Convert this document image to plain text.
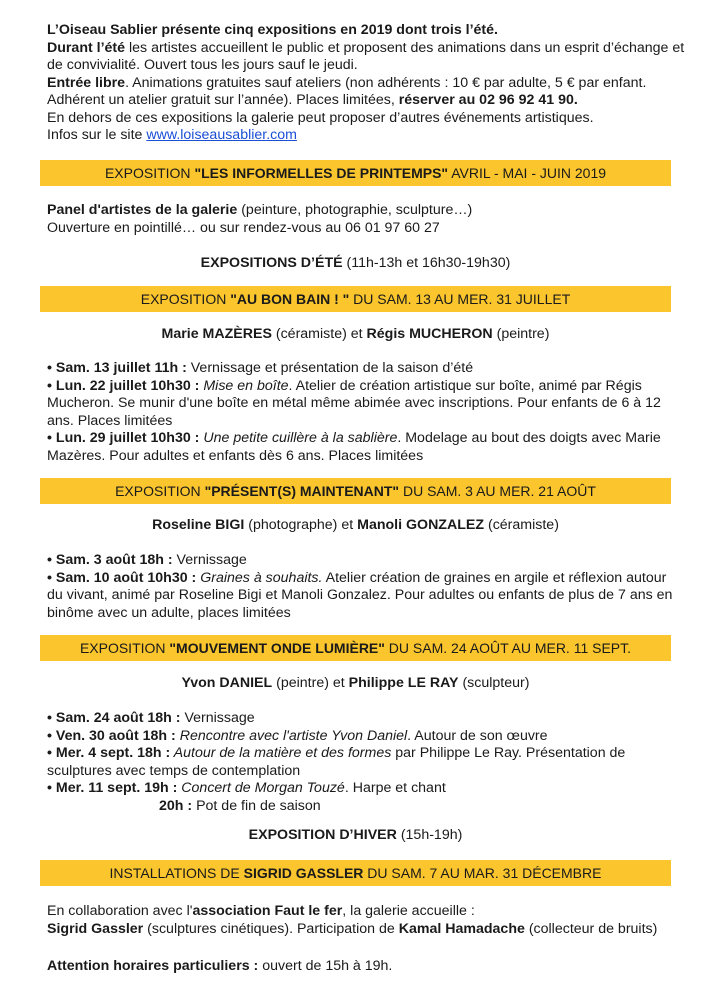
L’Oiseau Sablier présente cinq expositions en 2019 dont trois l’été.

Durant l’été les artistes accueillent le public et proposent des animations dans un esprit d’échange et de convivialité. Ouvert tous les jours sauf le jeudi.

Entrée libre. Animations gratuites sauf ateliers (non adhérents : 10 € par adulte, 5 € par enfant. Adhérent un atelier gratuit sur l’année). Places limitées, réserver au 02 96 92 41 90.

En dehors de ces expositions la galerie peut proposer d’autres événements artistiques.

Infos sur le site www.loiseausablier.com

EXPOSITION "LES INFORMELLES DE PRINTEMPS" AVRIL - MAI - JUIN 2019
Panel d'artistes de la galerie (peinture, photographie, sculpture…)
Ouverture en pointillé… ou sur rendez-vous au 06 01 97 60 27
EXPOSITIONS D’ÉTÉ (11h-13h et 16h30-19h30)
EXPOSITION "AU BON BAIN ! " DU SAM. 13 AU MER. 31 JUILLET
Marie MAZÈRES (céramiste) et Régis MUCHERON (peintre)
• Sam. 13 juillet 11h : Vernissage et présentation de la saison d’été
• Lun. 22 juillet 10h30 : Mise en boîte. Atelier de création artistique sur boîte, animé par Régis Mucheron. Se munir d'une boîte en métal même abimée avec inscriptions. Pour enfants de 6 à 12 ans. Places limitées
• Lun. 29 juillet 10h30 : Une petite cuillère à la sablière. Modelage au bout des doigts avec Marie Mazères. Pour adultes et enfants dès 6 ans. Places limitées
EXPOSITION "PRÉSENT(S) MAINTENANT" DU SAM. 3 AU MER. 21 AOÛT
Roseline BIGI (photographe) et Manoli GONZALEZ (céramiste)
• Sam. 3 août 18h : Vernissage
• Sam. 10 août 10h30 : Graines à souhaits. Atelier création de graines en argile et réflexion autour du vivant, animé par Roseline Bigi et Manoli Gonzalez. Pour adultes ou enfants de plus de 7 ans en binôme avec un adulte, places limitées
EXPOSITION "MOUVEMENT ONDE LUMIÈRE" DU SAM. 24 AOÛT AU MER. 11 SEPT.
Yvon DANIEL (peintre) et Philippe LE RAY (sculpteur)
• Sam. 24 août 18h : Vernissage
• Ven. 30 août 18h : Rencontre avec l'artiste Yvon Daniel. Autour de son œuvre
• Mer. 4 sept. 18h : Autour de la matière et des formes par Philippe Le Ray. Présentation de sculptures avec temps de contemplation
• Mer. 11 sept. 19h : Concert de Morgan Touzé. Harpe et chant
20h : Pot de fin de saison
EXPOSITION D’HIVER (15h-19h)
INSTALLATIONS DE SIGRID GASSLER DU SAM. 7 AU MAR. 31 DÉCEMBRE
En collaboration avec l'association Faut le fer, la galerie accueille :
Sigrid Gassler (sculptures cinétiques). Participation de Kamal Hamadache (collecteur de bruits)
Attention horaires particuliers : ouvert de 15h à 19h.
